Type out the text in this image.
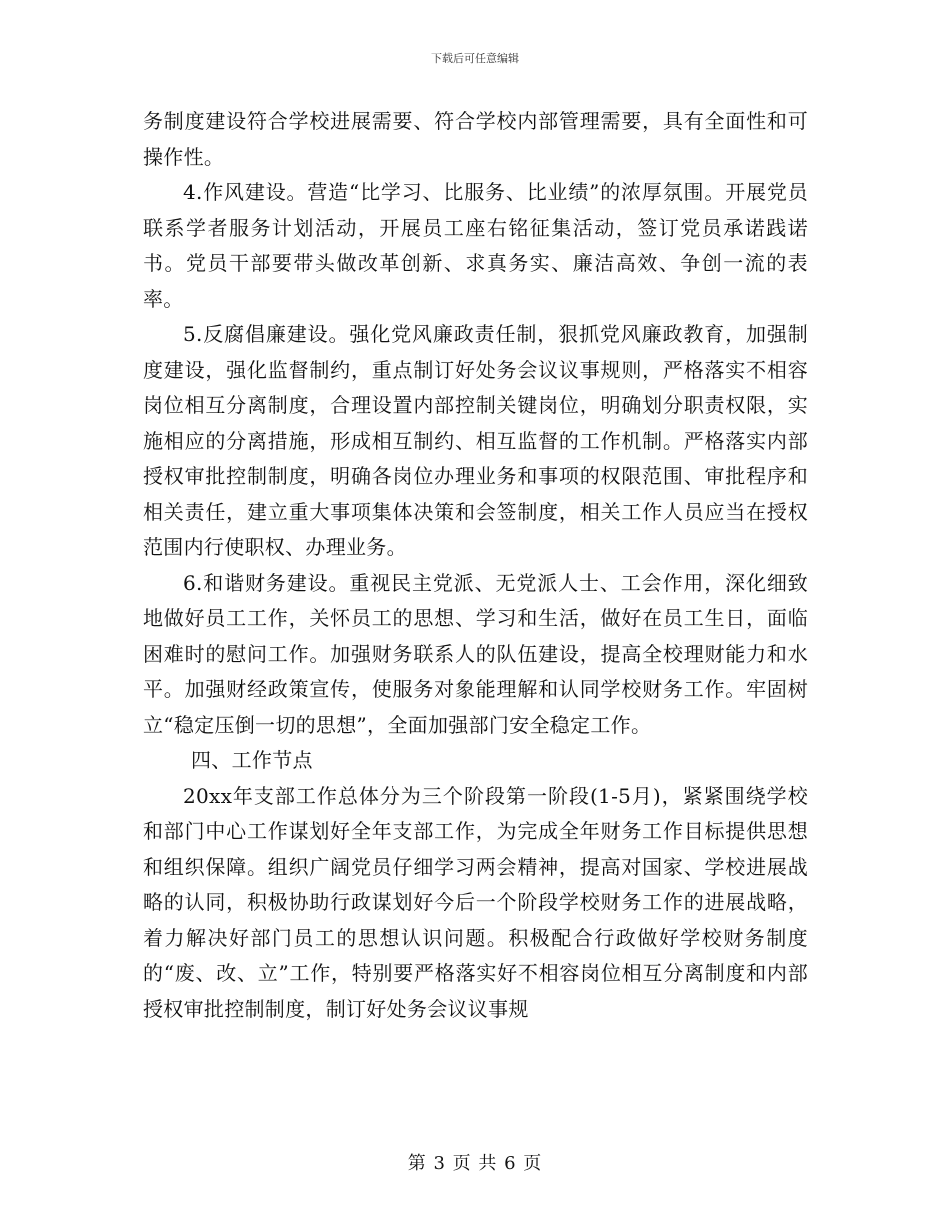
下载后可任意编辑

务制度建设符合学校进展需要、符合学校内部管理需要，具有全面性和可操作性。

4.作风建设。营造“比学习、比服务、比业绩”的浓厚氛围。开展党员联系学者服务计划活动，开展员工座右铭征集活动，签订党员承诺践诺书。党员干部要带头做改革创新、求真务实、廉洁高效、争创一流的表率。

5.反腐倡廉建设。强化党风廉政责任制，狠抓党风廉政教育，加强制度建设，强化监督制约，重点制订好处务会议议事规则，严格落实不相容岗位相互分离制度，合理设置内部控制关键岗位，明确划分职责权限，实施相应的分离措施，形成相互制约、相互监督的工作机制。严格落实内部授权审批控制制度，明确各岗位办理业务和事项的权限范围、审批程序和相关责任，建立重大事项集体决策和会签制度，相关工作人员应当在授权范围内行使职权、办理业务。

6.和谐财务建设。重视民主党派、无党派人士、工会作用，深化细致地做好员工工作，关怀员工的思想、学习和生活，做好在员工生日，面临困难时的慰问工作。加强财务联系人的队伍建设，提高全校理财能力和水平。加强财经政策宣传，使服务对象能理解和认同学校财务工作。牢固树立“稳定压倒一切的思想”，全面加强部门安全稳定工作。

四、工作节点

20xx年支部工作总体分为三个阶段第一阶段(1-5月)，紧紧围绕学校和部门中心工作谋划好全年支部工作，为完成全年财务工作目标提供思想和组织保障。组织广阔党员仔细学习两会精神，提高对国家、学校进展战略的认同，积极协助行政谋划好今后一个阶段学校财务工作的进展战略，着力解决好部门员工的思想认识问题。积极配合行政做好学校财务制度的“废、改、立”工作，特别要严格落实好不相容岗位相互分离制度和内部授权审批控制制度，制订好处务会议议事规

第 3 页 共 6 页
